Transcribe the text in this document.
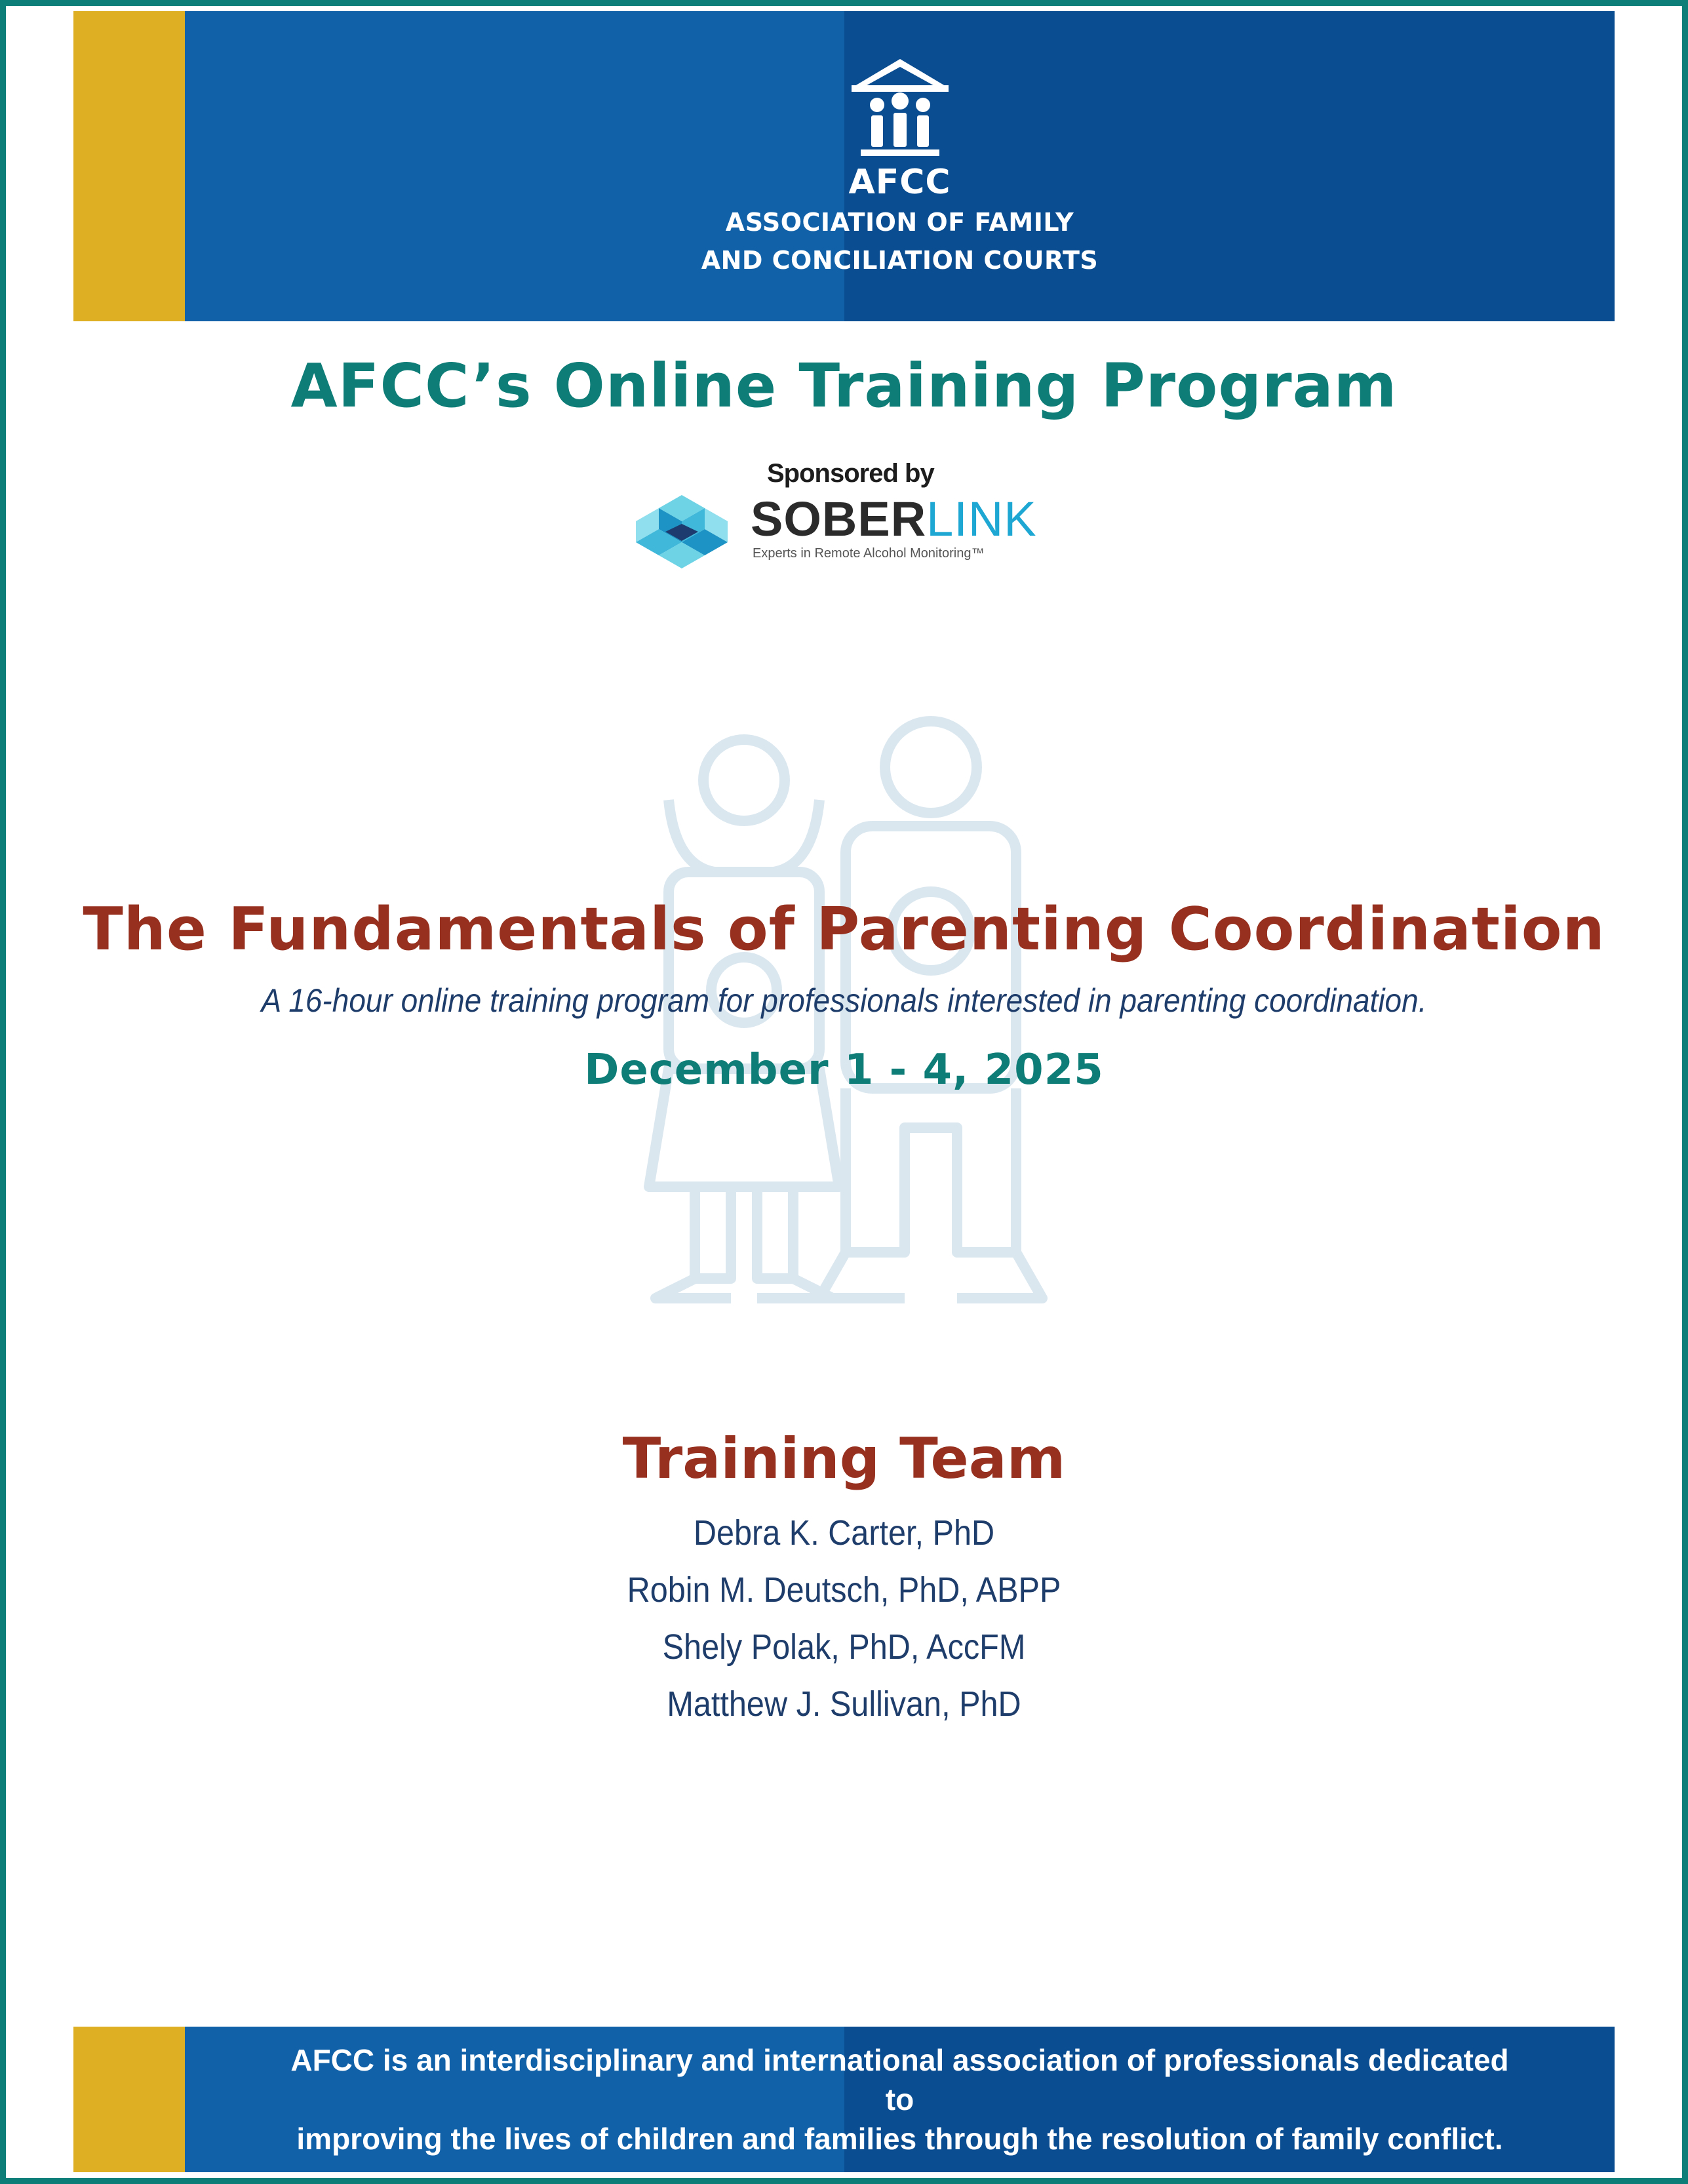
AFCC
ASSOCIATION OF FAMILY
AND CONCILIATION COURTS
AFCC’s Online Training Program
Sponsored by
SOBERLINK
Experts in Remote Alcohol Monitoring™
The Fundamentals of Parenting Coordination
A 16-hour online training program for professionals interested in parenting coordination.
December 1 - 4, 2025
Training Team
Debra K. Carter, PhD
Robin M. Deutsch, PhD, ABPP
Shely Polak, PhD, AccFM
Matthew J. Sullivan, PhD
AFCC is an interdisciplinary and international association of professionals dedicated to
improving the lives of children and families through the resolution of family conflict.
